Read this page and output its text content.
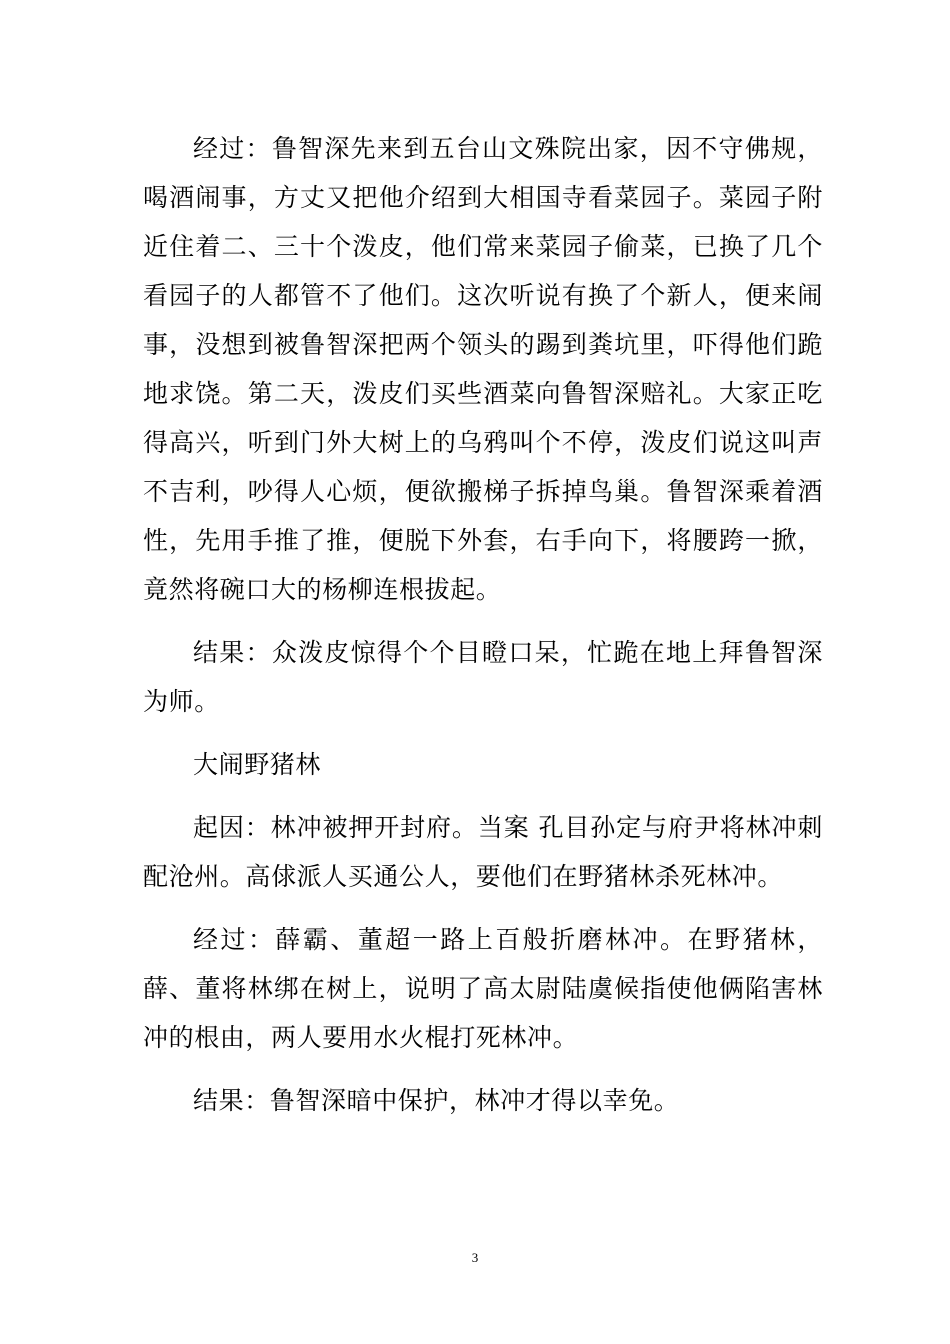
经过：鲁智深先来到五台山文殊院出家，因不守佛规，喝酒闹事，方丈又把他介绍到大相国寺看菜园子。菜园子附近住着二、三十个泼皮，他们常来菜园子偷菜，已换了几个看园子的人都管不了他们。这次听说有换了个新人，便来闹事，没想到被鲁智深把两个领头的踢到粪坑里，吓得他们跪地求饶。第二天，泼皮们买些酒菜向鲁智深赔礼。大家正吃得高兴，听到门外大树上的乌鸦叫个不停，泼皮们说这叫声不吉利，吵得人心烦，便欲搬梯子拆掉鸟巢。鲁智深乘着酒性，先用手推了推，便脱下外套，右手向下，将腰跨一掀，竟然将碗口大的杨柳连根拔起。

结果：众泼皮惊得个个目瞪口呆，忙跪在地上拜鲁智深为师。

大闹野猪林

起因：林冲被押开封府。当案 孔目孙定与府尹将林冲刺配沧州。高俅派人买通公人，要他们在野猪林杀死林冲。

经过：薛霸、董超一路上百般折磨林冲。在野猪林，薛、董将林绑在树上，说明了高太尉陆虞候指使他俩陷害林冲的根由，两人要用水火棍打死林冲。

结果：鲁智深暗中保护，林冲才得以幸免。

3
